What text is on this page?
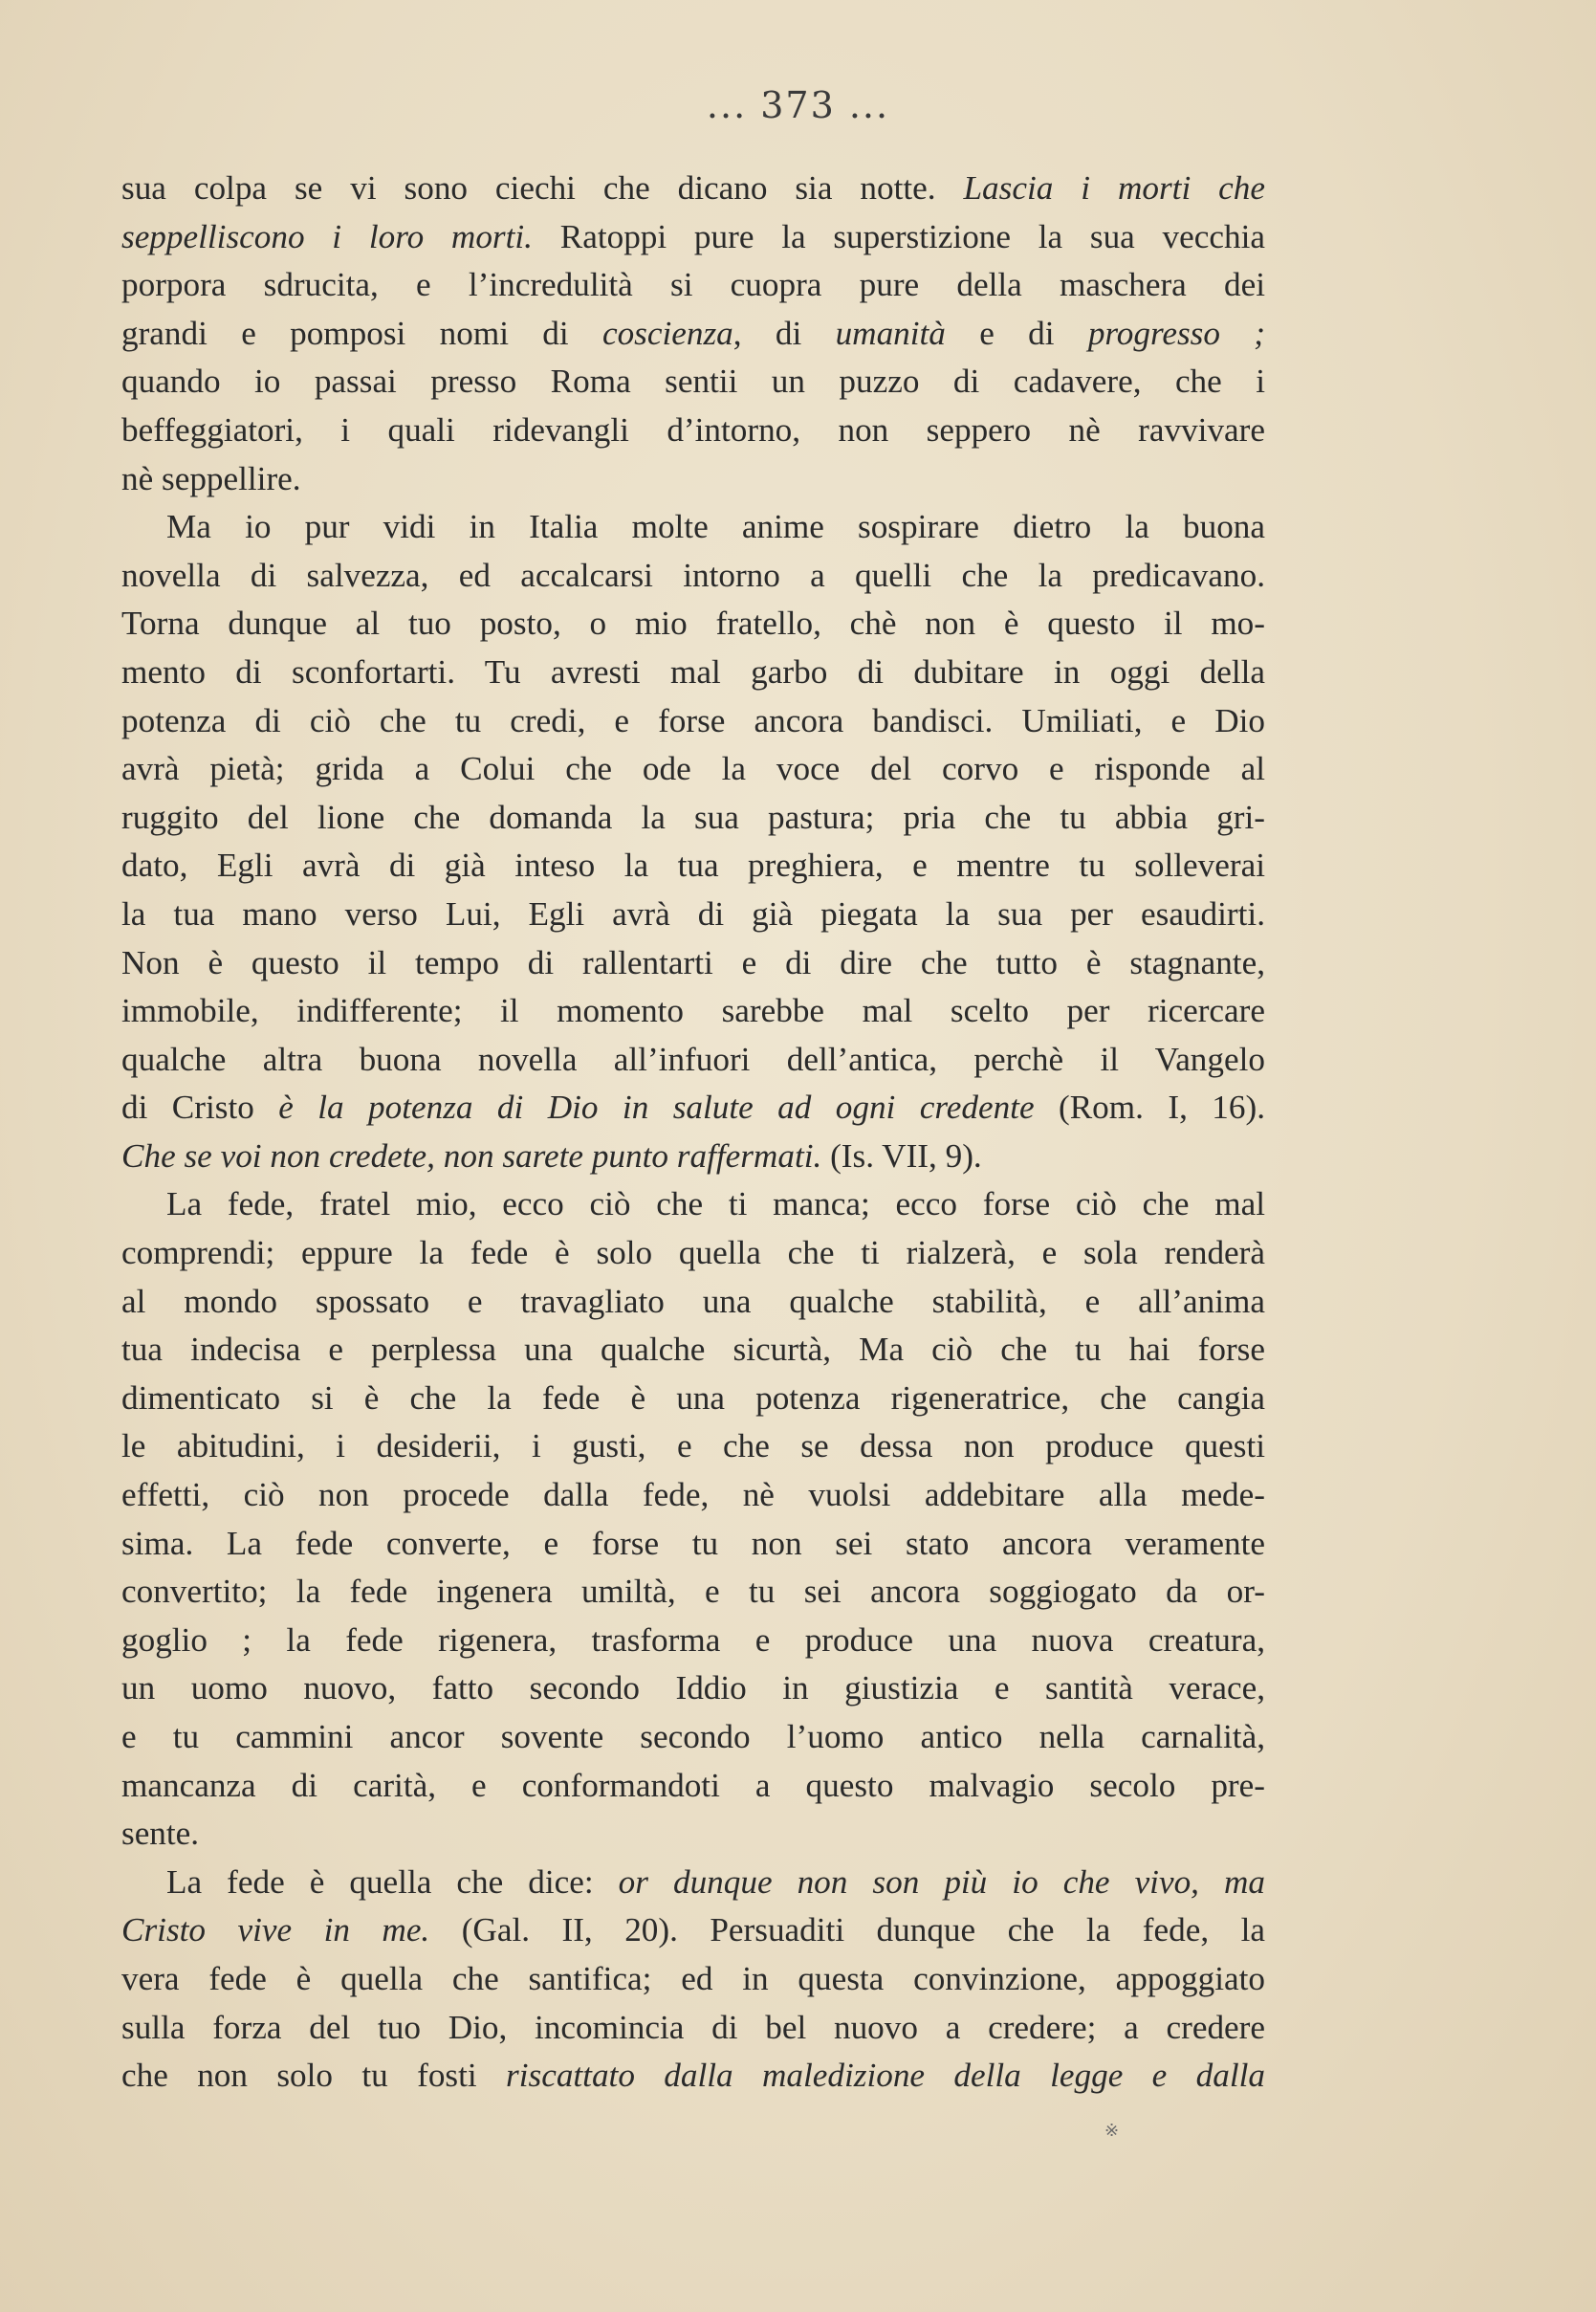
... 373 ...
sua colpa se vi sono ciechi che dicano sia notte. Lascia i morti che
seppelliscono i loro morti. Ratoppi pure la superstizione la sua vecchia
porpora sdrucita, e l’incredulità si cuopra pure della maschera dei
grandi e pomposi nomi di coscienza, di umanità e di progresso ;
quando io passai presso Roma sentii un puzzo di cadavere, che i
beffeggiatori, i quali ridevangli d’intorno, non seppero nè ravvivare
nè seppellire.
Ma io pur vidi in Italia molte anime sospirare dietro la buona
novella di salvezza, ed accalcarsi intorno a quelli che la predicavano.
Torna dunque al tuo posto, o mio fratello, chè non è questo il mo-
mento di sconfortarti. Tu avresti mal garbo di dubitare in oggi della
potenza di ciò che tu credi, e forse ancora bandisci. Umiliati, e Dio
avrà pietà; grida a Colui che ode la voce del corvo e risponde al
ruggito del lione che domanda la sua pastura; pria che tu abbia gri-
dato, Egli avrà di già inteso la tua preghiera, e mentre tu solleverai
la tua mano verso Lui, Egli avrà di già piegata la sua per esaudirti.
Non è questo il tempo di rallentarti e di dire che tutto è stagnante,
immobile, indifferente; il momento sarebbe mal scelto per ricercare
qualche altra buona novella all’infuori dell’antica, perchè il Vangelo
di Cristo è la potenza di Dio in salute ad ogni credente (Rom. I, 16).
Che se voi non credete, non sarete punto raffermati. (Is. VII, 9).
La fede, fratel mio, ecco ciò che ti manca; ecco forse ciò che mal
comprendi; eppure la fede è solo quella che ti rialzerà, e sola renderà
al mondo spossato e travagliato una qualche stabilità, e all’anima
tua indecisa e perplessa una qualche sicurtà, Ma ciò che tu hai forse
dimenticato si è che la fede è una potenza rigeneratrice, che cangia
le abitudini, i desiderii, i gusti, e che se dessa non produce questi
effetti, ciò non procede dalla fede, nè vuolsi addebitare alla mede-
sima. La fede converte, e forse tu non sei stato ancora veramente
convertito; la fede ingenera umiltà, e tu sei ancora soggiogato da or-
goglio ; la fede rigenera, trasforma e produce una nuova creatura,
un uomo nuovo, fatto secondo Iddio in giustizia e santità verace,
e tu cammini ancor sovente secondo l’uomo antico nella carnalità,
mancanza di carità, e conformandoti a questo malvagio secolo pre-
sente.
La fede è quella che dice: or dunque non son più io che vivo, ma
Cristo vive in me. (Gal. II, 20). Persuaditi dunque che la fede, la
vera fede è quella che santifica; ed in questa convinzione, appoggiato
sulla forza del tuo Dio, incomincia di bel nuovo a credere; a credere
che non solo tu fosti riscattato dalla maledizione della legge e dalla
※
